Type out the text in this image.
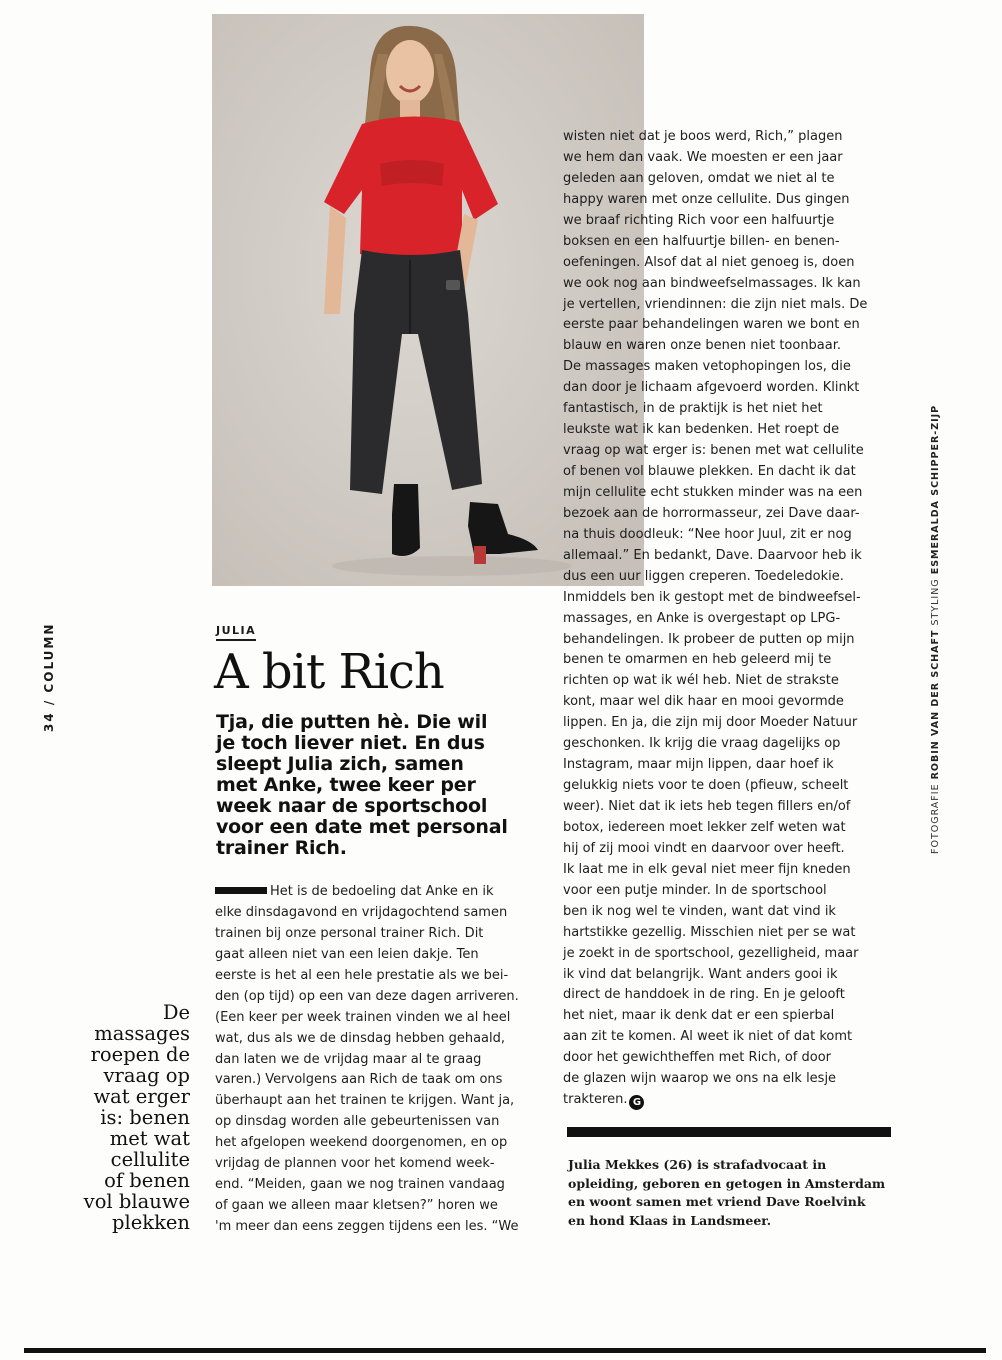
34 / COLUMN
FOTOGRAFIE ROBIN VAN DER SCHAFT STYLING ESMERALDA SCHIPPER-ZIJP
JULIA
A bit Rich
Tja, die putten hè. Die wil
je toch liever niet. En dus
sleept Julia zich, samen
met Anke, twee keer per
week naar de sportschool
voor een date met personal
trainer Rich.
De
massages
roepen de
vraag op
wat erger
is: benen
met wat
cellulite
of benen
vol blauwe
plekken
Het is de bedoeling dat Anke en ik
elke dinsdagavond en vrijdagochtend samen
trainen bij onze personal trainer Rich. Dit
gaat alleen niet van een leien dakje. Ten
eerste is het al een hele prestatie als we bei-
den (op tijd) op een van deze dagen arriveren.
(Een keer per week trainen vinden we al heel
wat, dus als we de dinsdag hebben gehaald,
dan laten we de vrijdag maar al te graag
varen.) Vervolgens aan Rich de taak om ons
überhaupt aan het trainen te krijgen. Want ja,
op dinsdag worden alle gebeurtenissen van
het afgelopen weekend doorgenomen, en op
vrijdag de plannen voor het komend week-
end. “Meiden, gaan we nog trainen vandaag
of gaan we alleen maar kletsen?” horen we
'm meer dan eens zeggen tijdens een les. “We
wisten niet dat je boos werd, Rich,” plagen
we hem dan vaak. We moesten er een jaar
geleden aan geloven, omdat we niet al te
happy waren met onze cellulite. Dus gingen
we braaf richting Rich voor een halfuurtje
boksen en een halfuurtje billen- en benen-
oefeningen. Alsof dat al niet genoeg is, doen
we ook nog aan bindweefselmassages. Ik kan
je vertellen, vriendinnen: die zijn niet mals. De
eerste paar behandelingen waren we bont en
blauw en waren onze benen niet toonbaar.
De massages maken vetophopingen los, die
dan door je lichaam afgevoerd worden. Klinkt
fantastisch, in de praktijk is het niet het
leukste wat ik kan bedenken. Het roept de
vraag op wat erger is: benen met wat cellulite
of benen vol blauwe plekken. En dacht ik dat
mijn cellulite echt stukken minder was na een
bezoek aan de horrormasseur, zei Dave daar-
na thuis doodleuk: “Nee hoor Juul, zit er nog
allemaal.” En bedankt, Dave. Daarvoor heb ik
dus een uur liggen creperen. Toedeledokie.
Inmiddels ben ik gestopt met de bindweefsel-
massages, en Anke is overgestapt op LPG-
behandelingen. Ik probeer de putten op mijn
benen te omarmen en heb geleerd mij te
richten op wat ik wél heb. Niet de strakste
kont, maar wel dik haar en mooi gevormde
lippen. En ja, die zijn mij door Moeder Natuur
geschonken. Ik krijg die vraag dagelijks op
Instagram, maar mijn lippen, daar hoef ik
gelukkig niets voor te doen (pfieuw, scheelt
weer). Niet dat ik iets heb tegen fillers en/of
botox, iedereen moet lekker zelf weten wat
hij of zij mooi vindt en daarvoor over heeft.
Ik laat me in elk geval niet meer fijn kneden
voor een putje minder. In de sportschool
ben ik nog wel te vinden, want dat vind ik
hartstikke gezellig. Misschien niet per se wat
je zoekt in de sportschool, gezelligheid, maar
ik vind dat belangrijk. Want anders gooi ik
direct de handdoek in de ring. En je gelooft
het niet, maar ik denk dat er een spierbal
aan zit te komen. Al weet ik niet of dat komt
door het gewichtheffen met Rich, of door
de glazen wijn waarop we ons na elk lesje
trakteren. G
Julia Mekkes (26) is strafadvocaat in
opleiding, geboren en getogen in Amsterdam
en woont samen met vriend Dave Roelvink
en hond Klaas in Landsmeer.
